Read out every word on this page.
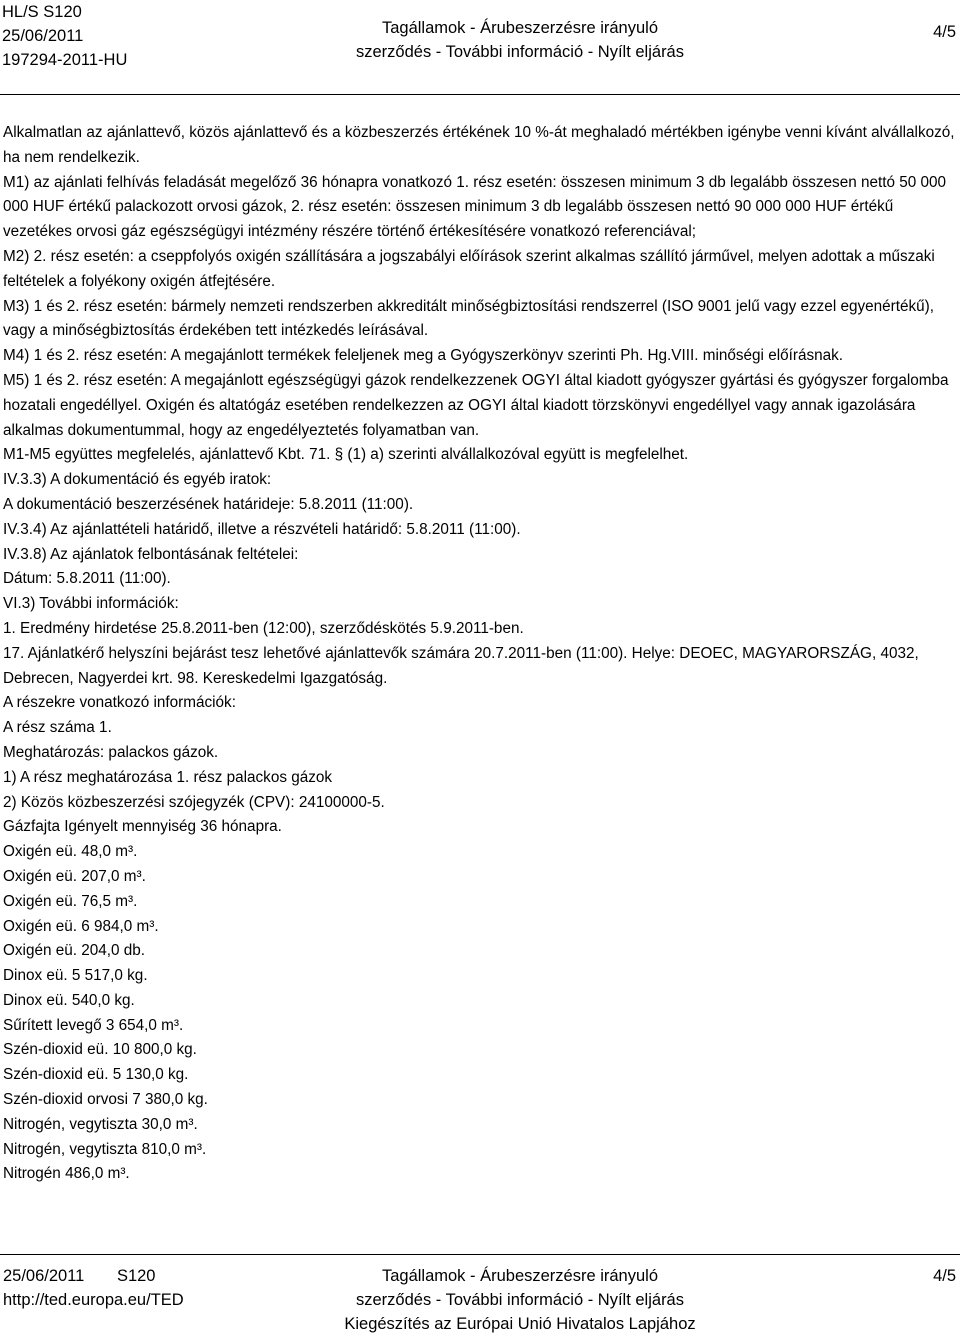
HL/S S120
25/06/2011
197294-2011-HU
Tagállamok - Árubeszerzésre irányuló
szerződés - További információ - Nyílt eljárás
4/5

Alkalmatlan az ajánlattevő, közös ajánlattevő és a közbeszerzés értékének 10 %-át meghaladó mértékben igénybe venni kívánt alvállalkozó, ha nem rendelkezik.

M1) az ajánlati felhívás feladását megelőző 36 hónapra vonatkozó 1. rész esetén: összesen minimum 3 db legalább összesen nettó 50 000 000 HUF értékű palackozott orvosi gázok, 2. rész esetén: összesen minimum 3 db legalább összesen nettó 90 000 000 HUF értékű vezetékes orvosi gáz egészségügyi intézmény részére történő értékesítésére vonatkozó referenciával;

M2) 2. rész esetén: a cseppfolyós oxigén szállítására a jogszabályi előírások szerint alkalmas szállító járművel, melyen adottak a műszaki feltételek a folyékony oxigén átfejtésére.

M3) 1 és 2. rész esetén: bármely nemzeti rendszerben akkreditált minőségbiztosítási rendszerrel (ISO 9001 jelű vagy ezzel egyenértékű), vagy a minőségbiztosítás érdekében tett intézkedés leírásával.

M4) 1 és 2. rész esetén: A megajánlott termékek feleljenek meg a Gyógyszerkönyv szerinti Ph. Hg.VIII. minőségi előírásnak.

M5) 1 és 2. rész esetén: A megajánlott egészségügyi gázok rendelkezzenek OGYI által kiadott gyógyszer gyártási és gyógyszer forgalomba hozatali engedéllyel. Oxigén és altatógáz esetében rendelkezzen az OGYI által kiadott törzskönyvi engedéllyel vagy annak igazolására alkalmas dokumentummal, hogy az engedélyeztetés folyamatban van.

M1-M5 együttes megfelelés, ajánlattevő Kbt. 71. § (1) a) szerinti alvállalkozóval együtt is megfelelhet.

IV.3.3) A dokumentáció és egyéb iratok:

A dokumentáció beszerzésének határideje: 5.8.2011 (11:00).

IV.3.4) Az ajánlattételi határidő, illetve a részvételi határidő: 5.8.2011 (11:00).

IV.3.8) Az ajánlatok felbontásának feltételei:

Dátum: 5.8.2011 (11:00).

VI.3) További információk:

1. Eredmény hirdetése 25.8.2011-ben (12:00), szerződéskötés 5.9.2011-ben.

17. Ajánlatkérő helyszíni bejárást tesz lehetővé ajánlattevők számára 20.7.2011-ben (11:00). Helye: DEOEC, MAGYARORSZÁG, 4032, Debrecen, Nagyerdei krt. 98. Kereskedelmi Igazgatóság.

A részekre vonatkozó információk:

A rész száma 1.

Meghatározás: palackos gázok.

1) A rész meghatározása 1. rész palackos gázok

2) Közös közbeszerzési szójegyzék (CPV): 24100000-5.

Gázfajta Igényelt mennyiség 36 hónapra.

Oxigén eü. 48,0 m³.

Oxigén eü. 207,0 m³.

Oxigén eü. 76,5 m³.

Oxigén eü. 6 984,0 m³.

Oxigén eü. 204,0 db.

Dinox eü. 5 517,0 kg.

Dinox eü. 540,0 kg.

Sűrített levegő 3 654,0 m³.

Szén-dioxid eü. 10 800,0 kg.

Szén-dioxid eü. 5 130,0 kg.

Szén-dioxid orvosi 7 380,0 kg.

Nitrogén, vegytiszta 30,0 m³.

Nitrogén, vegytiszta 810,0 m³.

Nitrogén 486,0 m³.

25/06/2011 S120
http://ted.europa.eu/TED
Tagállamok - Árubeszerzésre irányuló
szerződés - További információ - Nyílt eljárás
Kiegészítés az Európai Unió Hivatalos Lapjához
4/5
